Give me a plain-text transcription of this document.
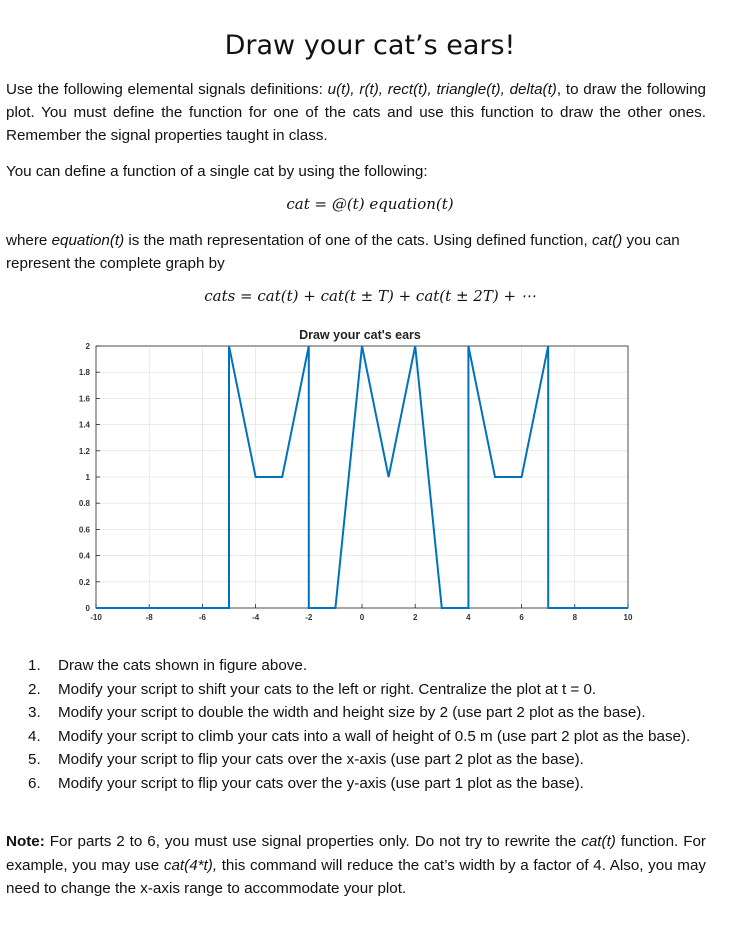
Draw your cat’s ears!
Use the following elemental signals definitions: u(t), r(t), rect(t), triangle(t), delta(t), to draw the following plot. You must define the function for one of the cats and use this function to draw the other ones. Remember the signal properties taught in class.
You can define a function of a single cat by using the following:
cat = @(t) equation(t)
where equation(t) is the math representation of one of the cats. Using defined function, cat() you can represent the complete graph by
cats = cat(t) + cat(t ± T) + cat(t ± 2T) + ⋯
Draw your cat's ears
-10	-8	-6	-4	-2	0	2	4	6	8	10
0
0.2
0.4
0.6
0.8
1
1.2
1.4
1.6
1.8
2
1. Draw the cats shown in figure above.
2. Modify your script to shift your cats to the left or right. Centralize the plot at t = 0.
3. Modify your script to double the width and height size by 2 (use part 2 plot as the base).
4. Modify your script to climb your cats into a wall of height of 0.5 m (use part 2 plot as the base).
5. Modify your script to flip your cats over the x-axis (use part 2 plot as the base).
6. Modify your script to flip your cats over the y-axis (use part 1 plot as the base).
Note: For parts 2 to 6, you must use signal properties only. Do not try to rewrite the cat(t) function. For example, you may use cat(4*t), this command will reduce the cat’s width by a factor of 4. Also, you may need to change the x-axis range to accommodate your plot.
